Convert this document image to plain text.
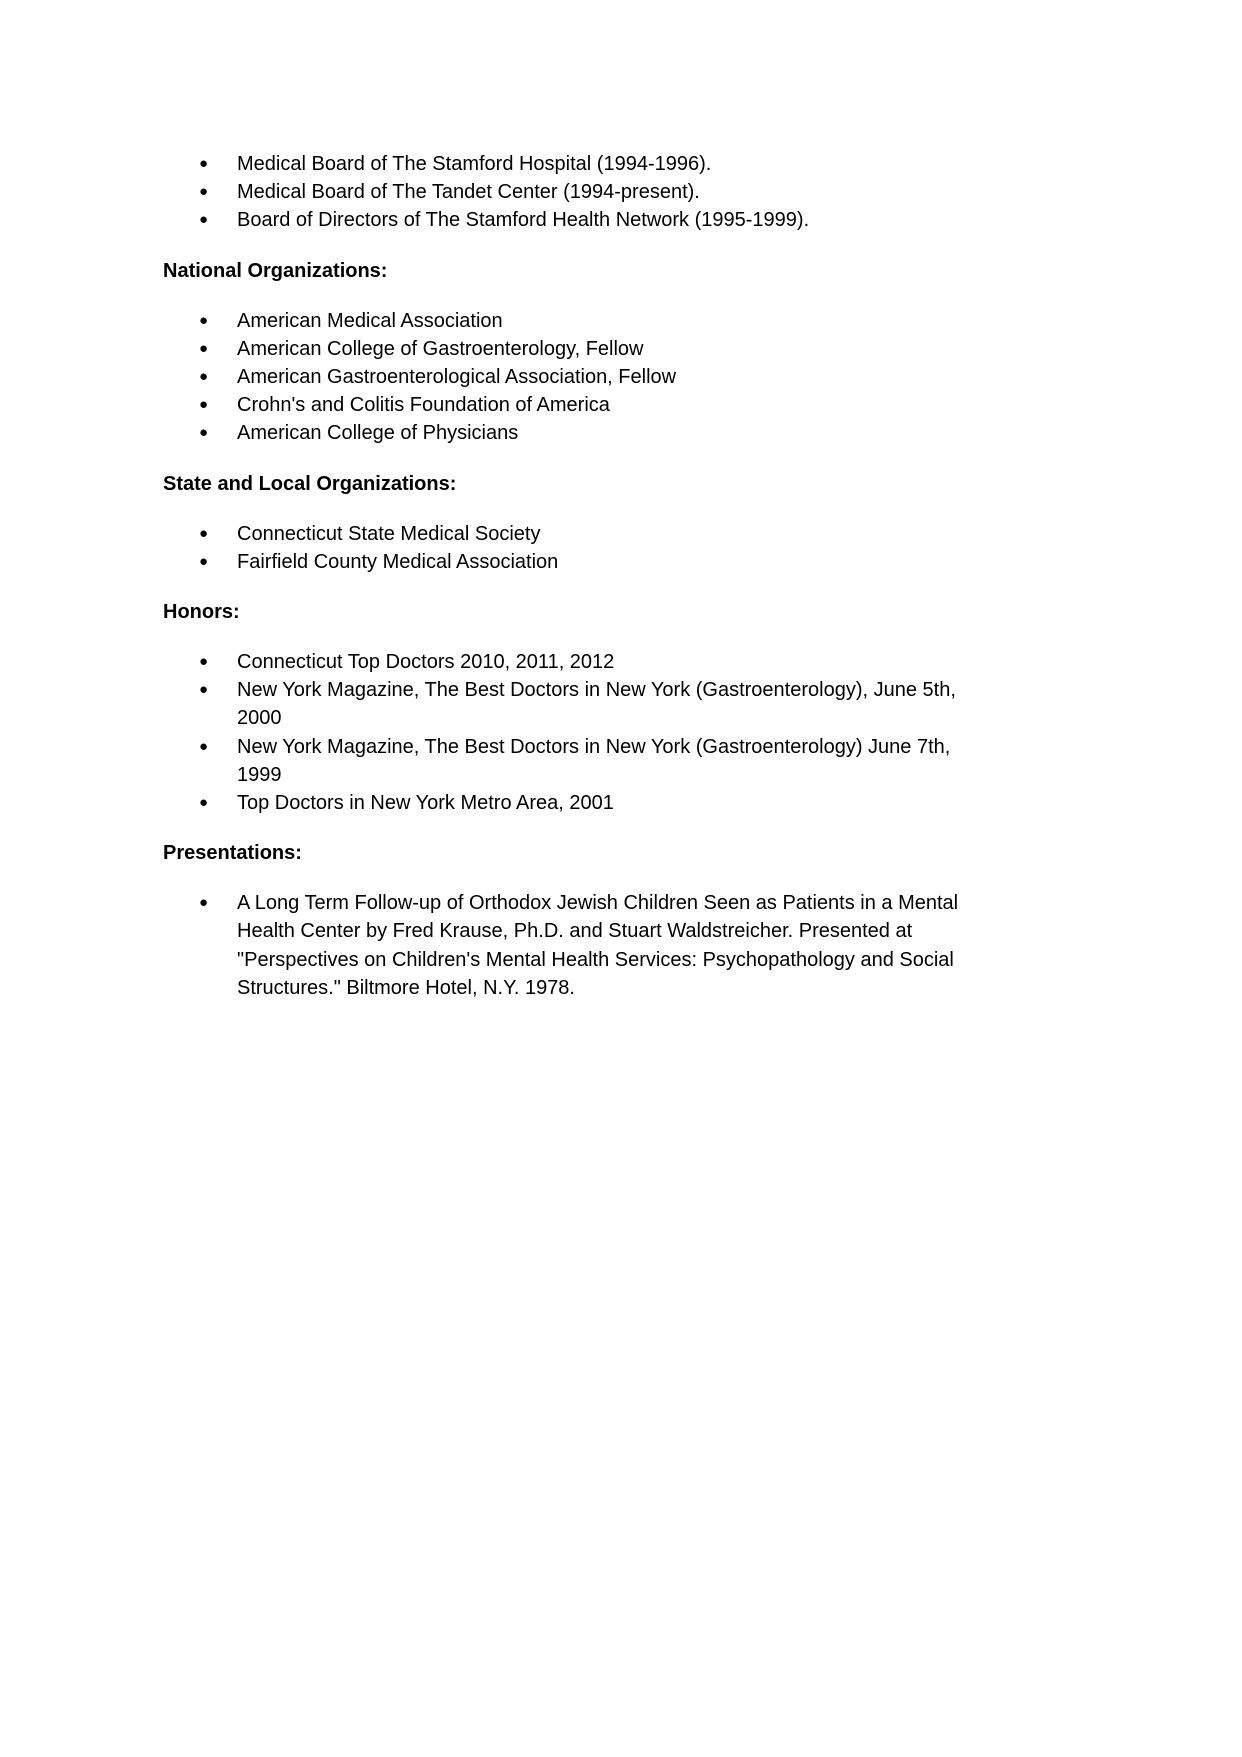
● Medical Board of The Stamford Hospital (1994-1996).
● Medical Board of The Tandet Center (1994-present).
● Board of Directors of The Stamford Health Network (1995-1999).
National Organizations:
● American Medical Association
● American College of Gastroenterology, Fellow
● American Gastroenterological Association, Fellow
● Crohn's and Colitis Foundation of America
● American College of Physicians
State and Local Organizations:
● Connecticut State Medical Society
● Fairfield County Medical Association
Honors:
● Connecticut Top Doctors 2010, 2011, 2012
● New York Magazine, The Best Doctors in New York (Gastroenterology), June 5th, 2000
● New York Magazine, The Best Doctors in New York (Gastroenterology) June 7th, 1999
● Top Doctors in New York Metro Area, 2001
Presentations:
● A Long Term Follow-up of Orthodox Jewish Children Seen as Patients in a Mental Health Center by Fred Krause, Ph.D. and Stuart Waldstreicher. Presented at "Perspectives on Children's Mental Health Services: Psychopathology and Social Structures." Biltmore Hotel, N.Y. 1978.
